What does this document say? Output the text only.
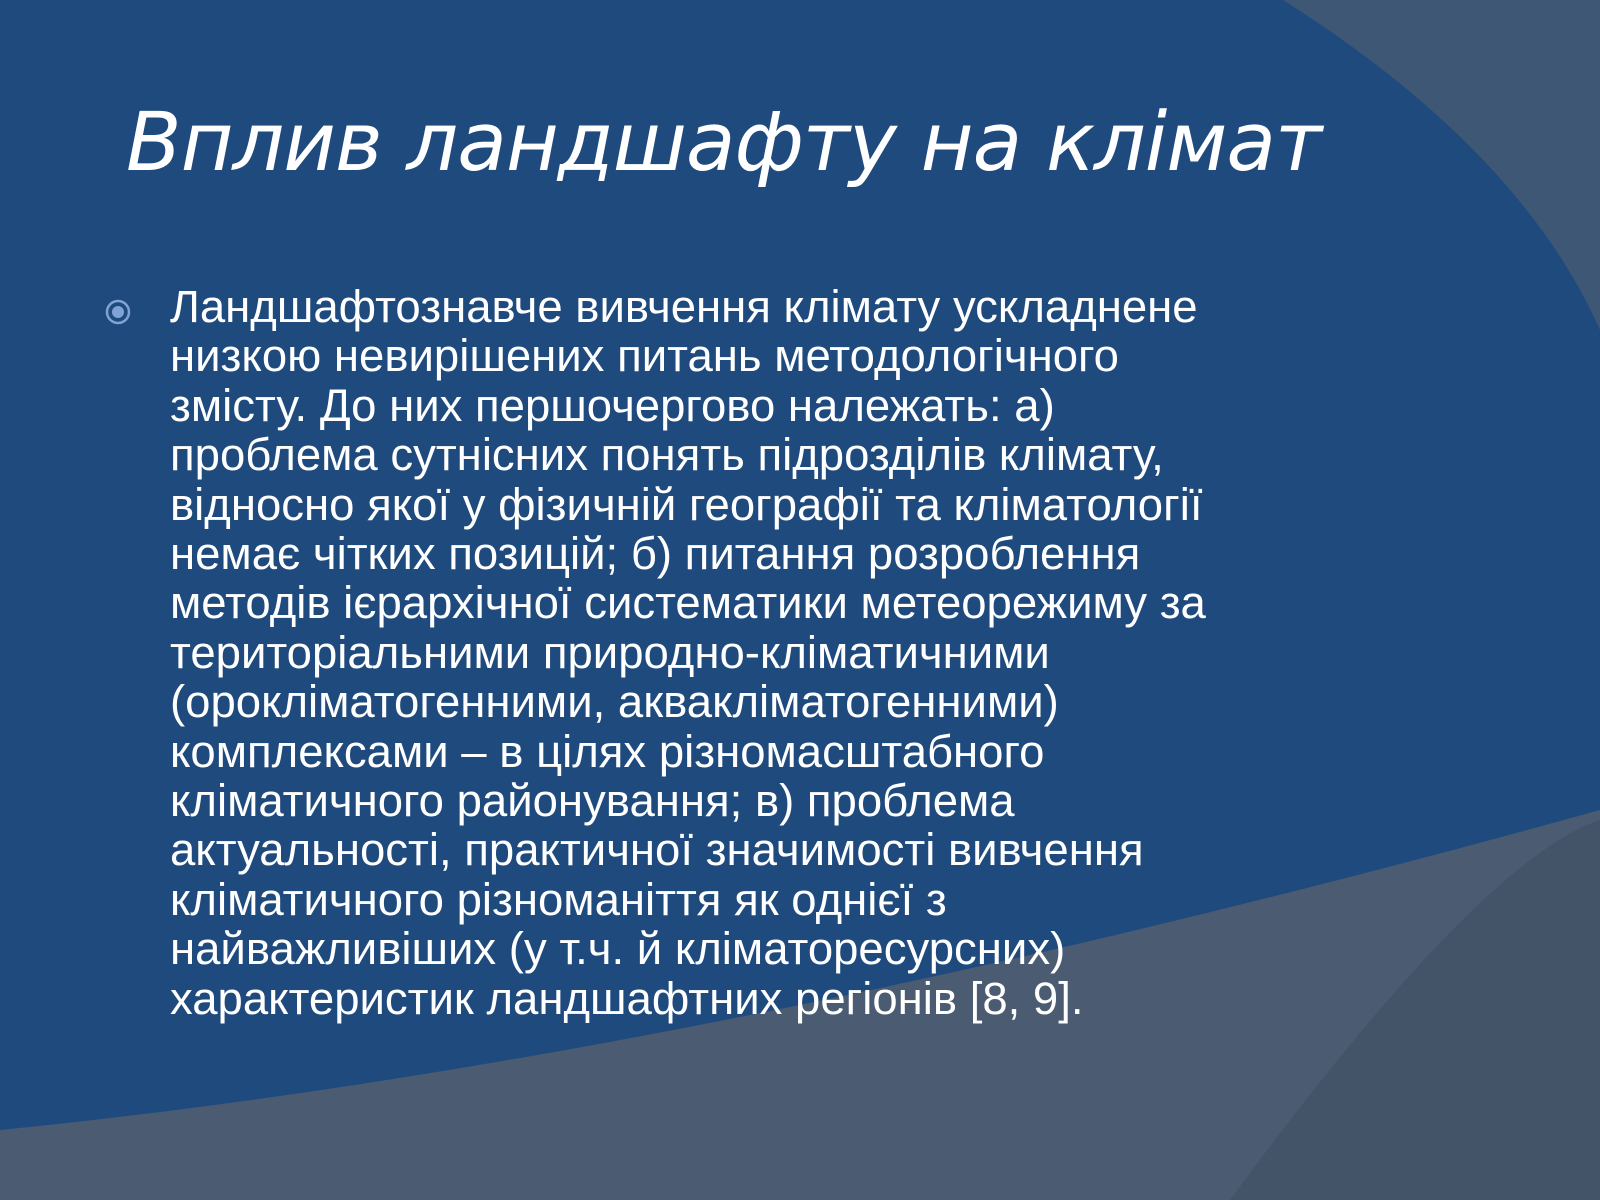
Вплив ландшафту на клімат

Ландшафтознавче вивчення клімату ускладнене
низкою невирішених питань методологічного
змісту. До них першочергово належать: а)
проблема сутнісних понять підрозділів клімату,
відносно якої у фізичній географії та кліматології
немає чітких позицій; б) питання розроблення
методів ієрархічної систематики метеорежиму за
територіальними природно-кліматичними
(орокліматогенними, аквакліматогенними)
комплексами – в цілях різномасштабного
кліматичного районування; в) проблема
актуальності, практичної значимості вивчення
кліматичного різноманіття як однієї з
найважливіших (у т.ч. й кліматоресурсних)
характеристик ландшафтних регіонів [8, 9].
